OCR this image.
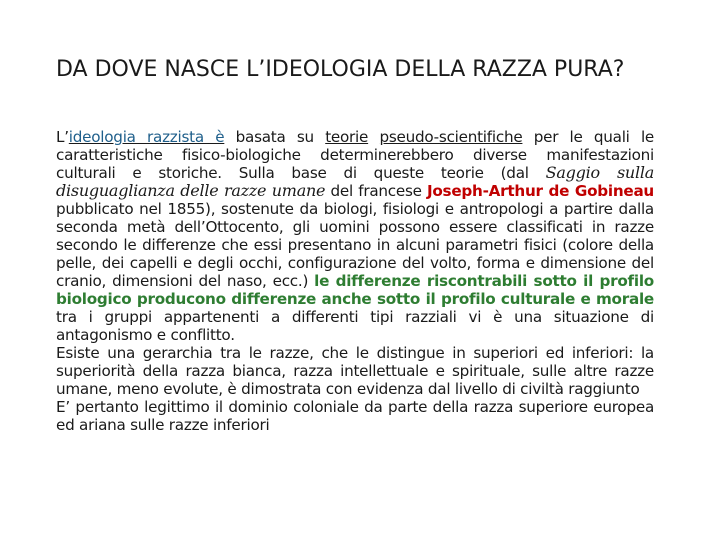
DA DOVE NASCE L’IDEOLOGIA DELLA RAZZA PURA?

L’ideologia razzista è basata su teorie pseudo-scientifiche per le quali le caratteristiche fisico-biologiche determinerebbero diverse manifestazioni culturali e storiche. Sulla base di queste teorie (dal Saggio sulla disuguaglianza delle razze umane del francese Joseph-Arthur de Gobineau pubblicato nel 1855), sostenute da biologi, fisiologi e antropologi a partire dalla seconda metà dell’Ottocento, gli uomini possono essere classificati in razze secondo le differenze che essi presentano in alcuni parametri fisici (colore della pelle, dei capelli e degli occhi, configurazione del volto, forma e dimensione del cranio, dimensioni del naso, ecc.) le differenze riscontrabili sotto il profilo biologico producono differenze anche sotto il profilo culturale e morale tra i gruppi appartenenti a differenti tipi razziali vi è una situazione di antagonismo e conflitto.

Esiste una gerarchia tra le razze, che le distingue in superiori ed inferiori: la superiorità della razza bianca, razza intellettuale e spirituale, sulle altre razze umane, meno evolute, è dimostrata con evidenza dal livello di civiltà raggiunto

E’ pertanto legittimo il dominio coloniale da parte della razza superiore europea ed ariana sulle razze inferiori
